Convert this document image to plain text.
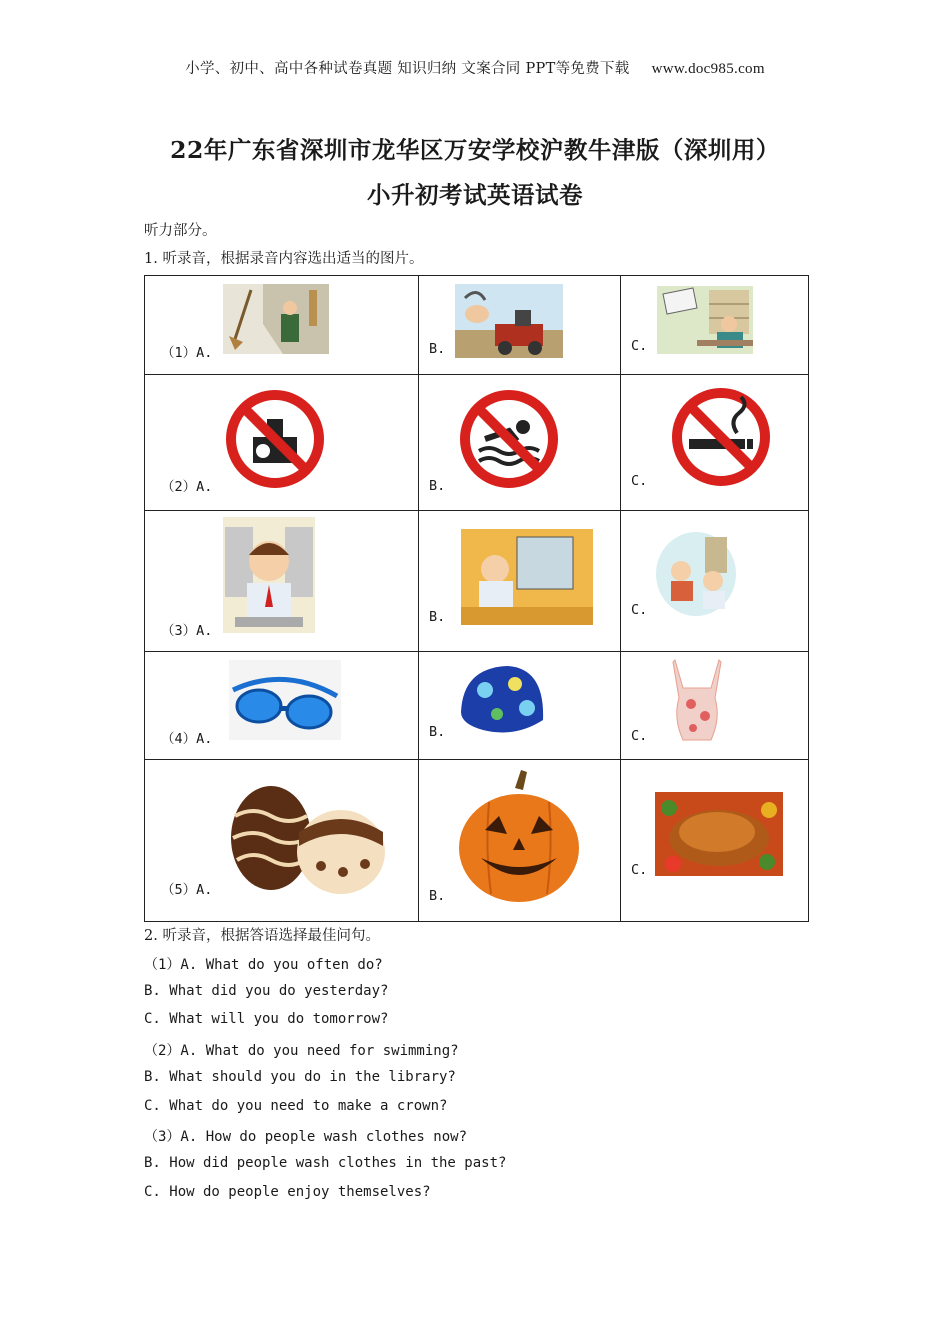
小学、初中、高中各种试卷真题 知识归纳 文案合同 PPT等免费下载 www.doc985.com
22年广东省深圳市龙华区万安学校沪教牛津版（深圳用）
小升初考试英语试卷
听力部分。
1. 听录音，根据录音内容选出适当的图片。
（1）A.	B.	C.

（2）A.	B.	C.

（3）A.	B.	C.

（4）A.	B.	C.

（5）A.	B.	C.
2. 听录音，根据答语选择最佳问句。
（1）A. What do you often do?
B. What did you do yesterday?
C. What will you do tomorrow?
（2）A. What do you need for swimming?
B. What should you do in the library?
C. What do you need to make a crown?
（3）A. How do people wash clothes now?
B. How did people wash clothes in the past?
C. How do people enjoy themselves?
